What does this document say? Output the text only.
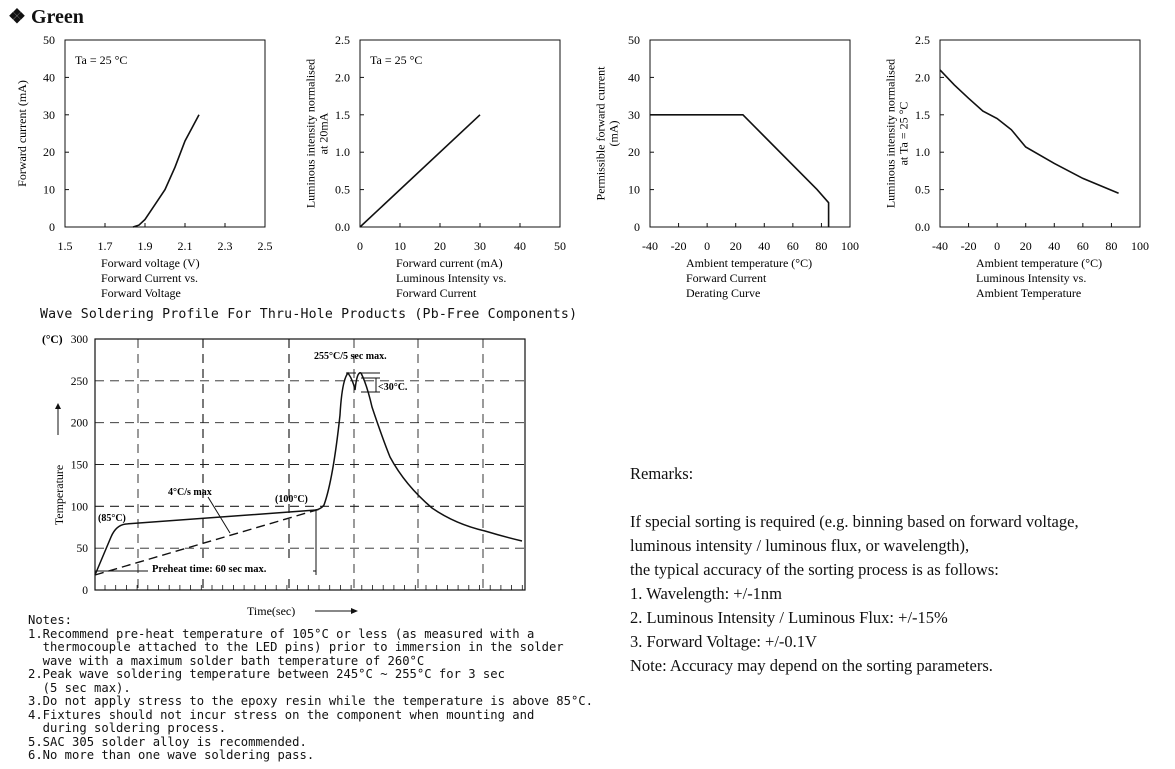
❖ Green
1.5 1.7 1.9 2.1 2.3 2.5
0
10
20
30
40
50
Ta = 25 °C
Forward current (mA)
Forward voltage (V)
Forward Current vs.
Forward Voltage
0	10 20 30 40 50
0.0
0.5
1.0
1.5
2.0
2.5
Ta = 25 °C
Luminous intensity normalised at 20mA
Forward current (mA)
Luminous Intensity vs.
Forward Current
-40 -20 0 20 40 60 80 100
0
10
20
30
40
50
Permissible forward current (mA)
Ambient temperature (°C)
Forward Current
Derating Curve
-40 -20 0 20 40 60 80 100
0.0
0.5
1.0
1.5
2.0
2.5
Luminous intensity normalised at Ta = 25 °C
Ambient temperature (°C)
Luminous Intensity vs.
Ambient Temperature
Wave Soldering Profile For Thru-Hole Products (Pb-Free Components)
0
50
100
150
200
250
300
(°C)
Temperature
Time(sec)
Preheat time: 60 sec max.
(85°C)
(100°C)
4°C/s max
255°C/5 sec max.
<30°C.
Notes:
1.Recommend pre-heat temperature of 105°C or less (as measured with a
thermocouple attached to the LED pins) prior to immersion in the solder
wave with a maximum solder bath temperature of 260°C
2.Peak wave soldering temperature between 245°C ~ 255°C for 3 sec
(5 sec max).
3.Do not apply stress to the epoxy resin while the temperature is above 85°C.
4.Fixtures should not incur stress on the component when mounting and
during soldering process.
5.SAC 305 solder alloy is recommended.
6.No more than one wave soldering pass.
Remarks:
If special sorting is required (e.g. binning based on forward voltage,
luminous intensity / luminous flux, or wavelength),
the typical accuracy of the sorting process is as follows:
1. Wavelength: +/-1nm
2. Luminous Intensity / Luminous Flux: +/-15%
3. Forward Voltage: +/-0.1V
Note: Accuracy may depend on the sorting parameters.
